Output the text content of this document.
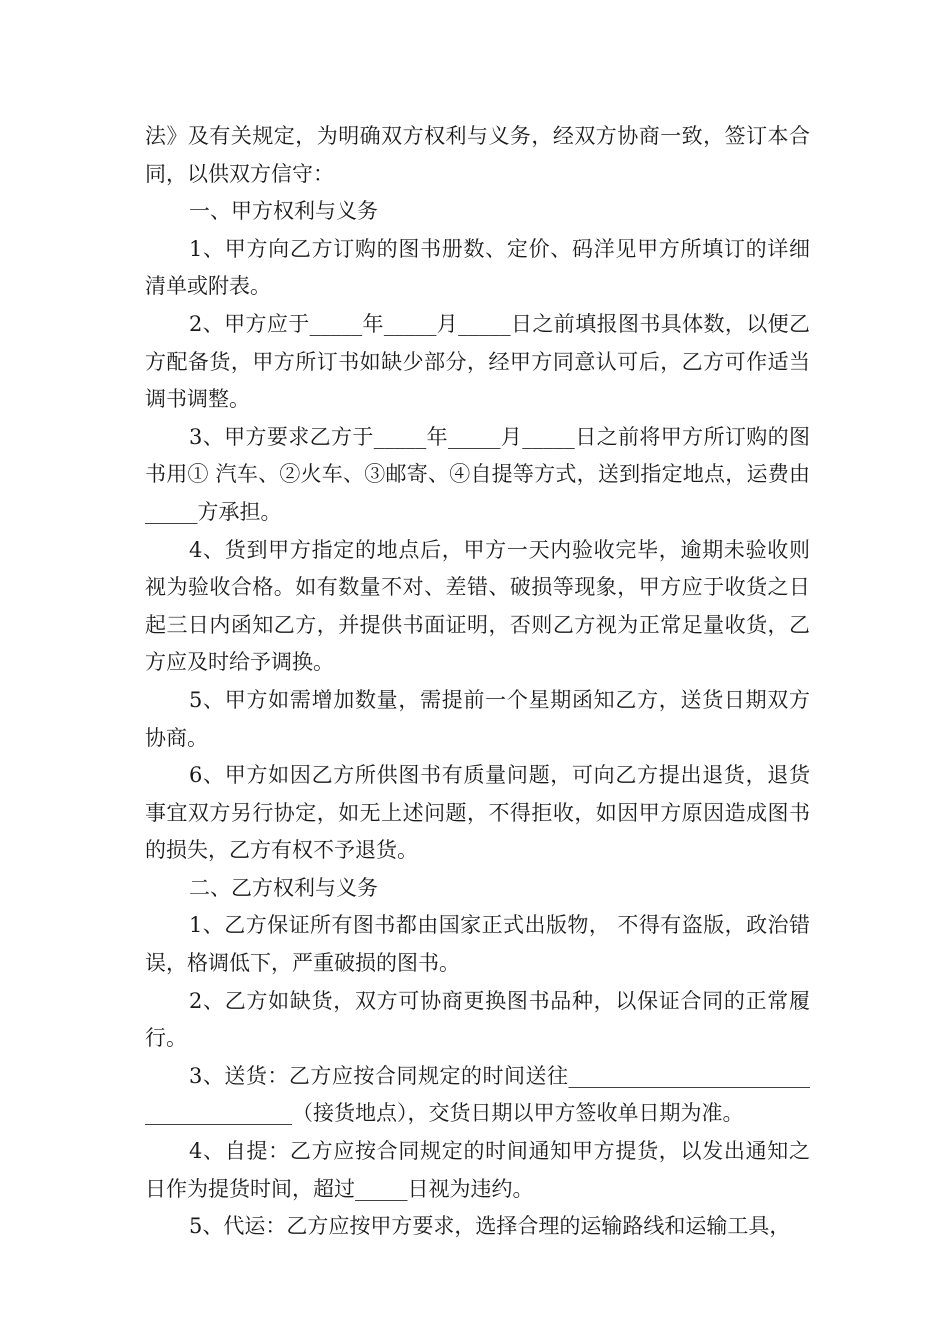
法》及有关规定，为明确双方权利与义务，经双方协商一致，签订本合同，以供双方信守：

一、甲方权利与义务

1、甲方向乙方订购的图书册数、定价、码洋见甲方所填订的详细清单或附表。

2、甲方应于_____年_____月_____日之前填报图书具体数，以便乙方配备货，甲方所订书如缺少部分，经甲方同意认可后，乙方可作适当调书调整。

3、甲方要求乙方于_____年_____月_____日之前将甲方所订购的图书用① 汽车、②火车、③邮寄、④自提等方式，送到指定地点，运费由_____方承担。

4、货到甲方指定的地点后，甲方一天内验收完毕，逾期未验收则视为验收合格。如有数量不对、差错、破损等现象，甲方应于收货之日起三日内函知乙方，并提供书面证明，否则乙方视为正常足量收货，乙方应及时给予调换。

5、甲方如需增加数量，需提前一个星期函知乙方，送货日期双方协商。

6、甲方如因乙方所供图书有质量问题，可向乙方提出退货，退货事宜双方另行协定，如无上述问题，不得拒收，如因甲方原因造成图书的损失，乙方有权不予退货。

二、乙方权利与义务

1、乙方保证所有图书都由国家正式出版物， 不得有盗版，政治错误，格调低下，严重破损的图书。

2、乙方如缺货，双方可协商更换图书品种，以保证合同的正常履行。

3、送货：乙方应按合同规定的时间送往_____________________________________（接货地点），交货日期以甲方签收单日期为准。

4、自提：乙方应按合同规定的时间通知甲方提货，以发出通知之日作为提货时间，超过_____日视为违约。

5、代运：乙方应按甲方要求，选择合理的运输路线和运输工具，
